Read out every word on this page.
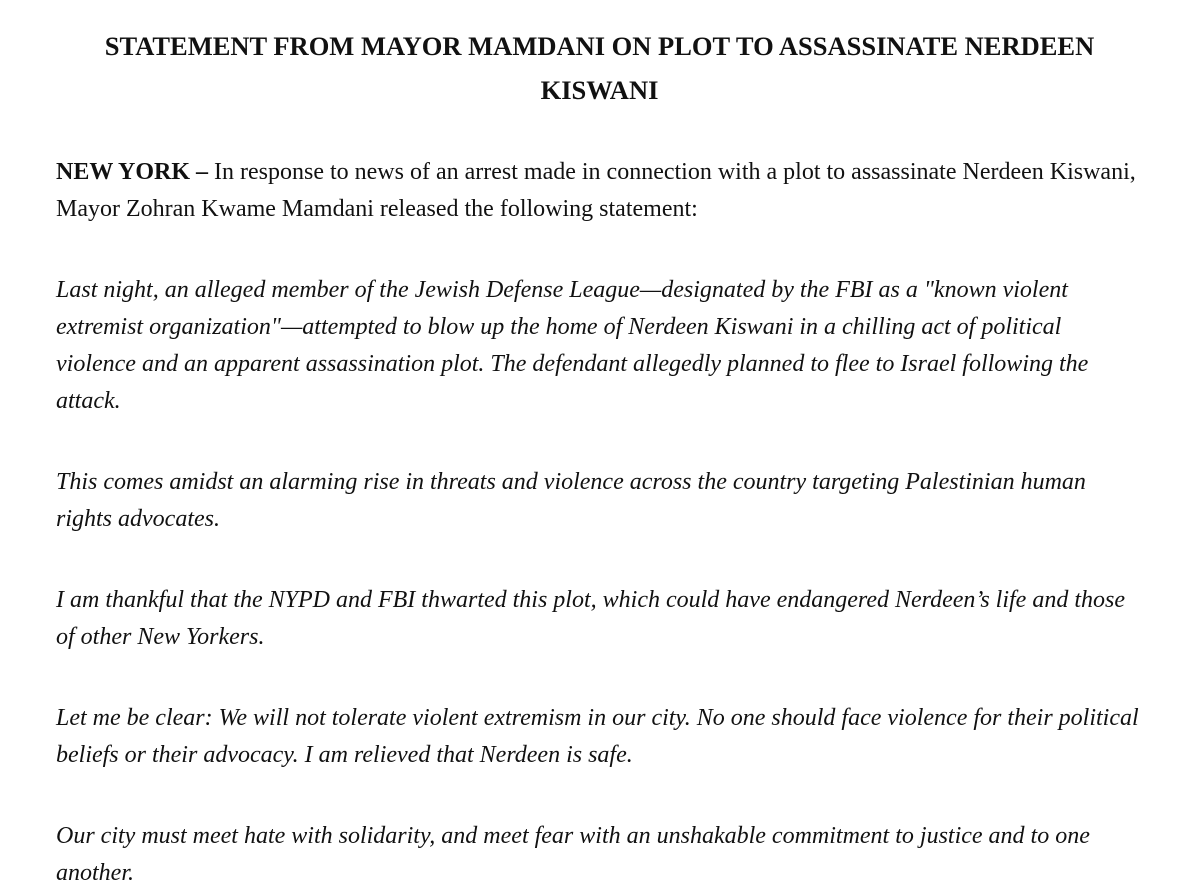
STATEMENT FROM MAYOR MAMDANI ON PLOT TO ASSASSINATE NERDEEN KISWANI

NEW YORK – In response to news of an arrest made in connection with a plot to assassinate Nerdeen Kiswani, Mayor Zohran Kwame Mamdani released the following statement:

Last night, an alleged member of the Jewish Defense League—designated by the FBI as a "known violent extremist organization"—attempted to blow up the home of Nerdeen Kiswani in a chilling act of political violence and an apparent assassination plot. The defendant allegedly planned to flee to Israel following the attack.

This comes amidst an alarming rise in threats and violence across the country targeting Palestinian human rights advocates.

I am thankful that the NYPD and FBI thwarted this plot, which could have endangered Nerdeen’s life and those of other New Yorkers.

Let me be clear: We will not tolerate violent extremism in our city. No one should face violence for their political beliefs or their advocacy. I am relieved that Nerdeen is safe.

Our city must meet hate with solidarity, and meet fear with an unshakable commitment to justice and to one another.
